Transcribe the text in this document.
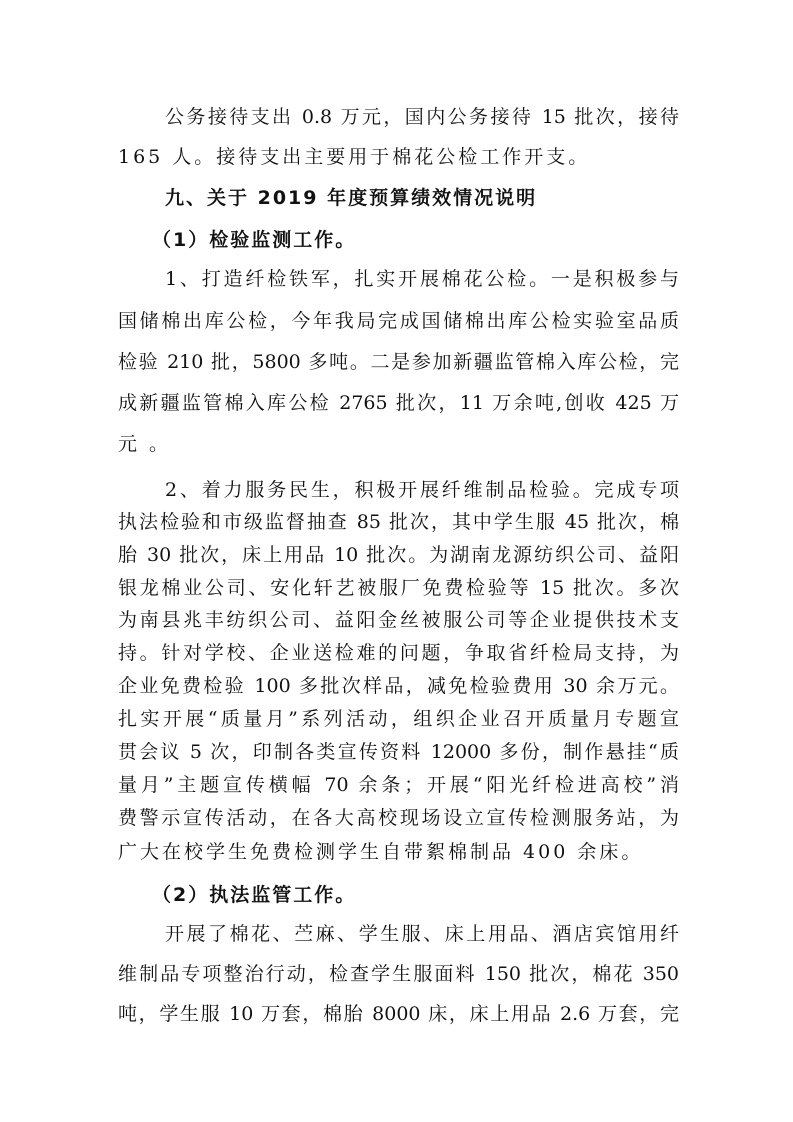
公务接待支出 0.8 万元，国内公务接待 15 批次，接待
165 人。接待支出主要用于棉花公检工作开支。
九、关于 2019 年度预算绩效情况说明
（1）检验监测工作。
1、打造纤检铁军，扎实开展棉花公检。一是积极参与
国储棉出库公检，今年我局完成国储棉出库公检实验室品质
检验 210 批，5800 多吨。二是参加新疆监管棉入库公检，完
成新疆监管棉入库公检 2765 批次，11 万余吨,创收 425 万
元 。
2、着力服务民生，积极开展纤维制品检验。完成专项
执法检验和市级监督抽查 85 批次，其中学生服 45 批次，棉
胎 30 批次，床上用品 10 批次。为湖南龙源纺织公司、益阳
银龙棉业公司、安化轩艺被服厂免费检验等 15 批次。多次
为南县兆丰纺织公司、益阳金丝被服公司等企业提供技术支
持。针对学校、企业送检难的问题，争取省纤检局支持，为
企业免费检验 100 多批次样品，减免检验费用 30 余万元。
扎实开展“质量月”系列活动，组织企业召开质量月专题宣
贯会议 5 次，印制各类宣传资料 12000 多份，制作悬挂“质
量月”主题宣传横幅 70 余条；开展“阳光纤检进高校”消
费警示宣传活动，在各大高校现场设立宣传检测服务站，为
广大在校学生免费检测学生自带絮棉制品 400 余床。
（2）执法监管工作。
开展了棉花、苎麻、学生服、床上用品、酒店宾馆用纤
维制品专项整治行动，检查学生服面料 150 批次，棉花 350
吨，学生服 10 万套，棉胎 8000 床，床上用品 2.6 万套，完
